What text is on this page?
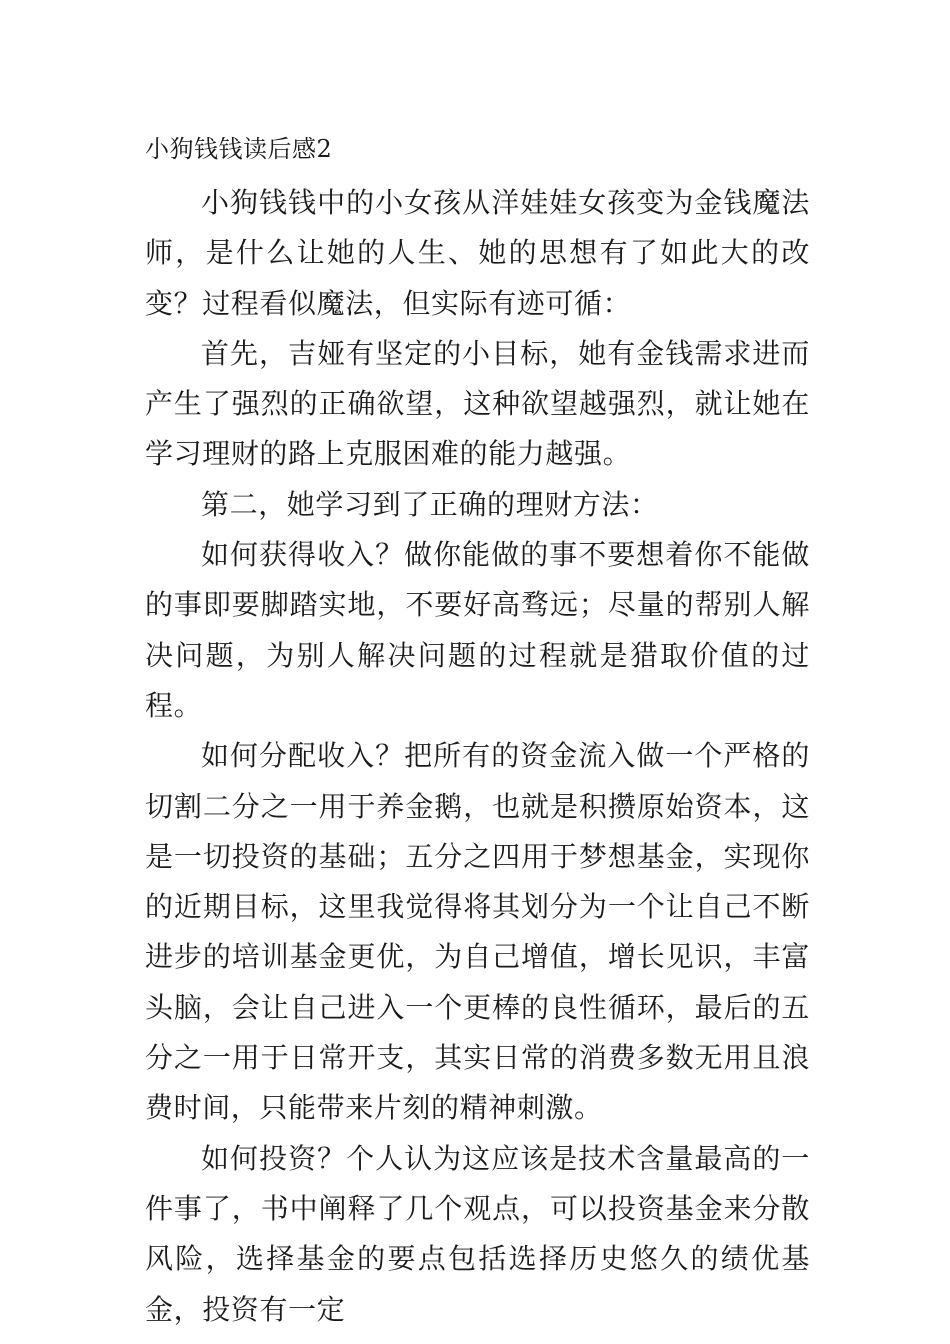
小狗钱钱读后感2

小狗钱钱中的小女孩从洋娃娃女孩变为金钱魔法师，是什么让她的人生、她的思想有了如此大的改变？过程看似魔法，但实际有迹可循：

首先，吉娅有坚定的小目标，她有金钱需求进而产生了强烈的正确欲望，这种欲望越强烈，就让她在学习理财的路上克服困难的能力越强。

第二，她学习到了正确的理财方法：

如何获得收入？做你能做的事不要想着你不能做的事即要脚踏实地，不要好高骛远；尽量的帮别人解决问题，为别人解决问题的过程就是猎取价值的过程。

如何分配收入？把所有的资金流入做一个严格的切割二分之一用于养金鹅，也就是积攒原始资本，这是一切投资的基础；五分之四用于梦想基金，实现你的近期目标，这里我觉得将其划分为一个让自己不断进步的培训基金更优，为自己增值，增长见识，丰富头脑，会让自己进入一个更棒的良性循环，最后的五分之一用于日常开支，其实日常的消费多数无用且浪费时间，只能带来片刻的精神刺激。

如何投资？个人认为这应该是技术含量最高的一件事了，书中阐释了几个观点，可以投资基金来分散风险，选择基金的要点包括选择历史悠久的绩优基金，投资有一定
